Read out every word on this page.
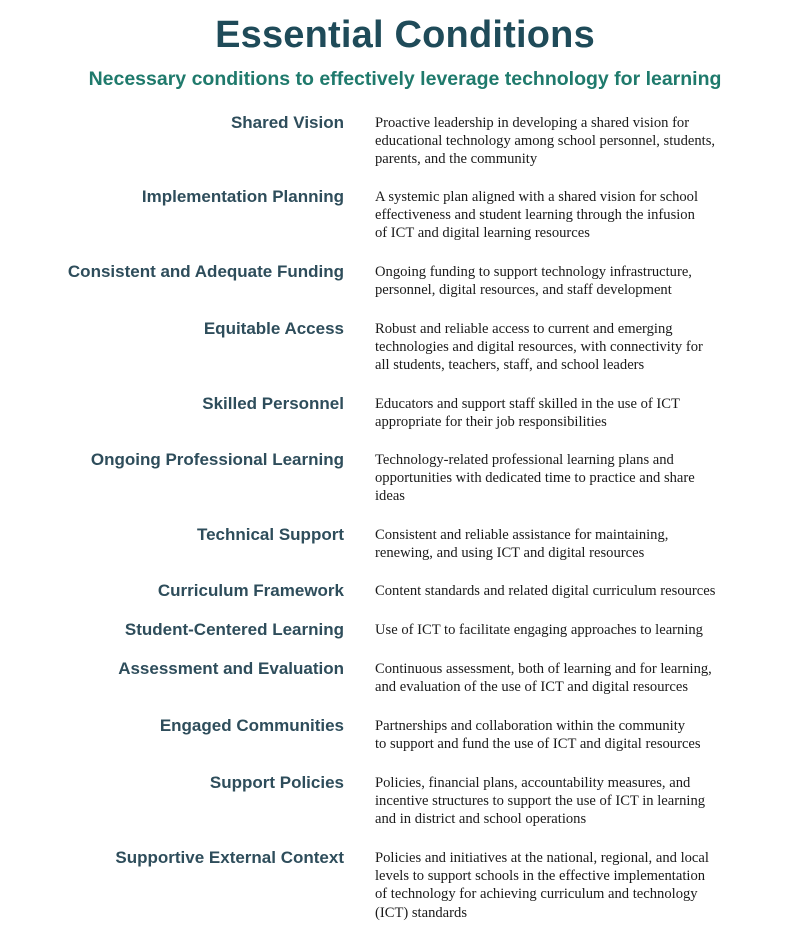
Essential Conditions
Necessary conditions to effectively leverage technology for learning
Shared Vision Proactive leadership in developing a shared vision for
educational technology among school personnel, students,
parents, and the community
Implementation Planning A systemic plan aligned with a shared vision for school
effectiveness and student learning through the infusion
of ICT and digital learning resources
Consistent and Adequate Funding Ongoing funding to support technology infrastructure,
personnel, digital resources, and staff development
Equitable Access Robust and reliable access to current and emerging
technologies and digital resources, with connectivity for
all students, teachers, staff, and school leaders
Skilled Personnel Educators and support staff skilled in the use of ICT
appropriate for their job responsibilities
Ongoing Professional Learning Technology-related professional learning plans and
opportunities with dedicated time to practice and share
ideas
Technical Support Consistent and reliable assistance for maintaining,
renewing, and using ICT and digital resources
Curriculum Framework Content standards and related digital curriculum resources
Student-Centered Learning Use of ICT to facilitate engaging approaches to learning
Assessment and Evaluation Continuous assessment, both of learning and for learning,
and evaluation of the use of ICT and digital resources
Engaged Communities Partnerships and collaboration within the community
to support and fund the use of ICT and digital resources
Support Policies Policies, financial plans, accountability measures, and
incentive structures to support the use of ICT in learning
and in district and school operations
Supportive External Context Policies and initiatives at the national, regional, and local
levels to support schools in the effective implementation
of technology for achieving curriculum and technology
(ICT) standards
